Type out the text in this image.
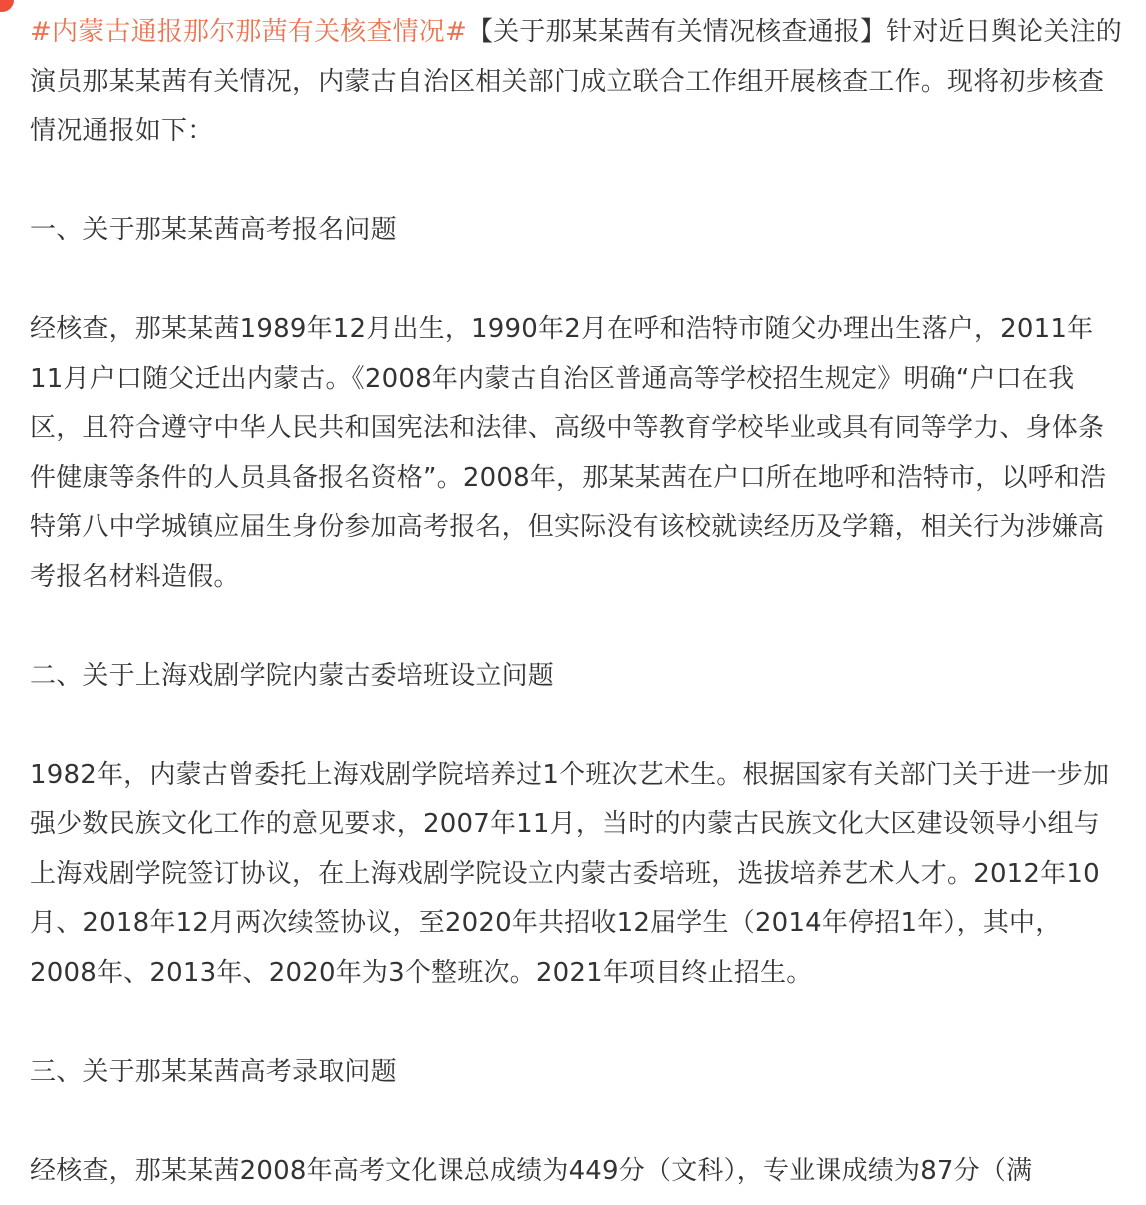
#内蒙古通报那尔那茜有关核查情况#【关于那某某茜有关情况核查通报】针对近日舆论关注的演员那某某茜有关情况，内蒙古自治区相关部门成立联合工作组开展核查工作。现将初步核查情况通报如下：

一、关于那某某茜高考报名问题

经核查，那某某茜1989年12月出生，1990年2月在呼和浩特市随父办理出生落户，2011年11月户口随父迁出内蒙古。《2008年内蒙古自治区普通高等学校招生规定》明确“户口在我区，且符合遵守中华人民共和国宪法和法律、高级中等教育学校毕业或具有同等学力、身体条件健康等条件的人员具备报名资格”。2008年，那某某茜在户口所在地呼和浩特市，以呼和浩特第八中学城镇应届生身份参加高考报名，但实际没有该校就读经历及学籍，相关行为涉嫌高考报名材料造假。

二、关于上海戏剧学院内蒙古委培班设立问题

1982年，内蒙古曾委托上海戏剧学院培养过1个班次艺术生。根据国家有关部门关于进一步加强少数民族文化工作的意见要求，2007年11月，当时的内蒙古民族文化大区建设领导小组与上海戏剧学院签订协议，在上海戏剧学院设立内蒙古委培班，选拔培养艺术人才。2012年10月、2018年12月两次续签协议，至2020年共招收12届学生（2014年停招1年），其中，2008年、2013年、2020年为3个整班次。2021年项目终止招生。

三、关于那某某茜高考录取问题

经核查，那某某茜2008年高考文化课总成绩为449分（文科），专业课成绩为87分（满
